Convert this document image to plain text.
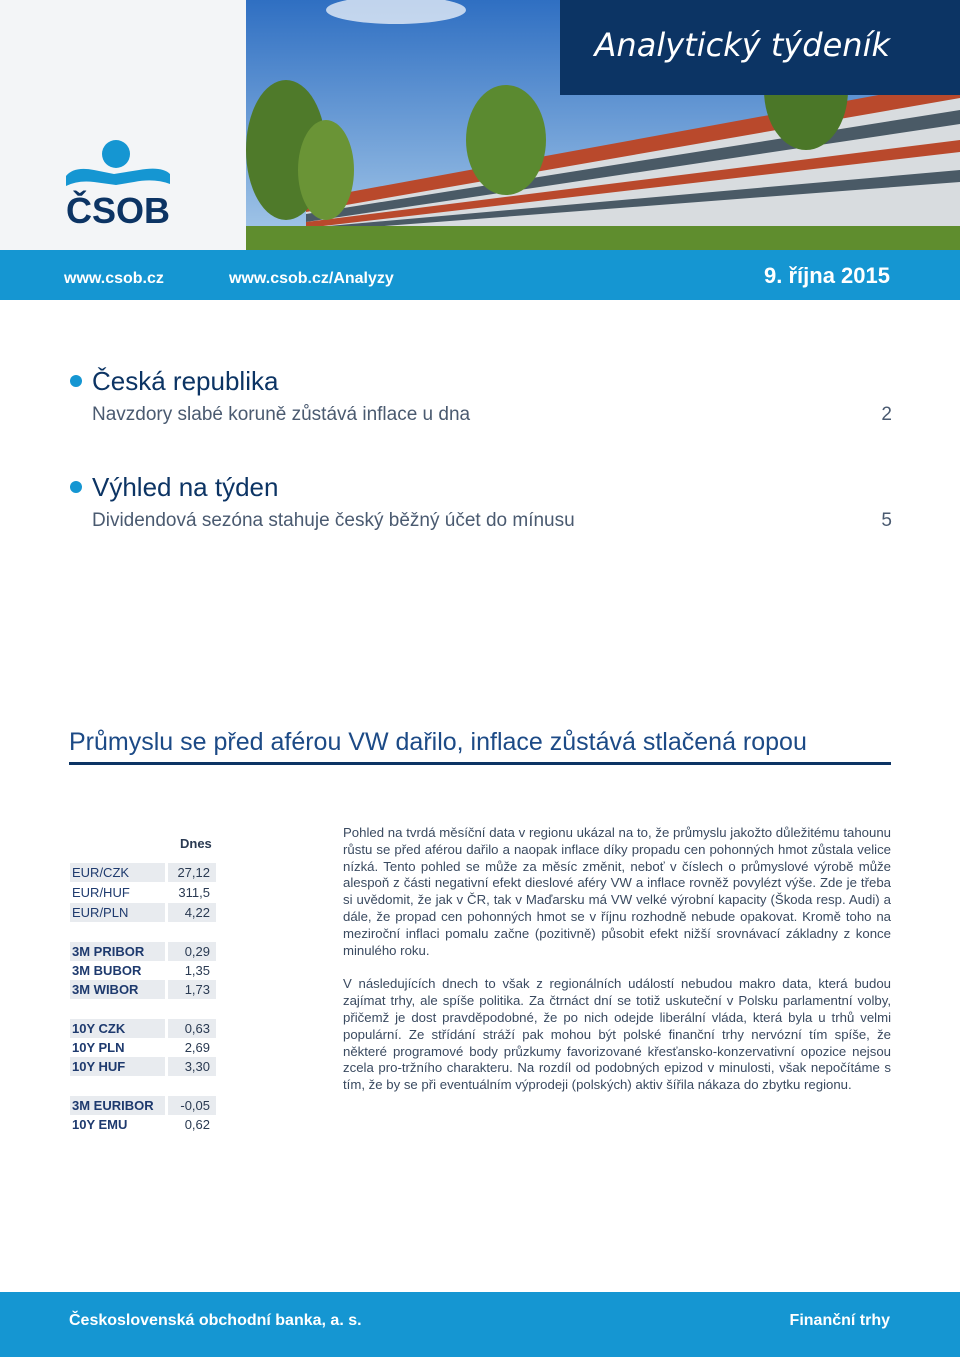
ČSOB
Analytický týdeník
www.csob.cz	www.csob.cz/Analyzy	9. října 2015
Česká republika
Navzdory slabé koruně zůstává inflace u dna	2
Výhled na týden
Dividendová sezóna stahuje český běžný účet do mínusu	5
Průmyslu se před aférou VW dařilo, inflace zůstává stlačená ropou
Dnes
EUR/CZK	27,12
EUR/HUF	311,5
EUR/PLN	4,22
3M PRIBOR	0,29
3M BUBOR	1,35
3M WIBOR	1,73
10Y CZK	0,63
10Y PLN	2,69
10Y HUF	3,30
3M EURIBOR	-0,05
10Y EMU	0,62

Pohled na tvrdá měsíční data v regionu ukázal na to, že průmyslu jakožto důležitému tahounu růstu se před aférou dařilo a naopak inflace díky propadu cen pohonných hmot zůstala velice nízká. Tento pohled se může za měsíc změnit, neboť v číslech o průmyslové výrobě může alespoň z části negativní efekt dieslové aféry VW a inflace rovněž povylézt výše. Zde je třeba si uvědomit, že jak v ČR, tak v Maďarsku má VW velké výrobní kapacity (Škoda resp. Audi) a dále, že propad cen pohonných hmot se v říjnu rozhodně nebude opakovat. Kromě toho na meziroční inflaci pomalu začne (pozitivně) působit efekt nižší srovnávací základny z konce minulého roku.

V následujících dnech to však z regionálních událostí nebudou makro data, která budou zajímat trhy, ale spíše politika. Za čtrnáct dní se totiž uskuteční v Polsku parlamentní volby, přičemž je dost pravděpodobné, že po nich odejde liberální vláda, která byla u trhů velmi populární. Ze střídání stráží pak mohou být polské finanční trhy nervózní tím spíše, že některé programové body průzkumy favorizované křesťansko-konzervativní opozice nejsou zcela pro-tržního charakteru. Na rozdíl od podobných epizod v minulosti, však nepočítáme s tím, že by se při eventuálním výprodeji (polských) aktiv šířila nákaza do zbytku regionu.

Československá obchodní banka, a. s.	Finanční trhy
